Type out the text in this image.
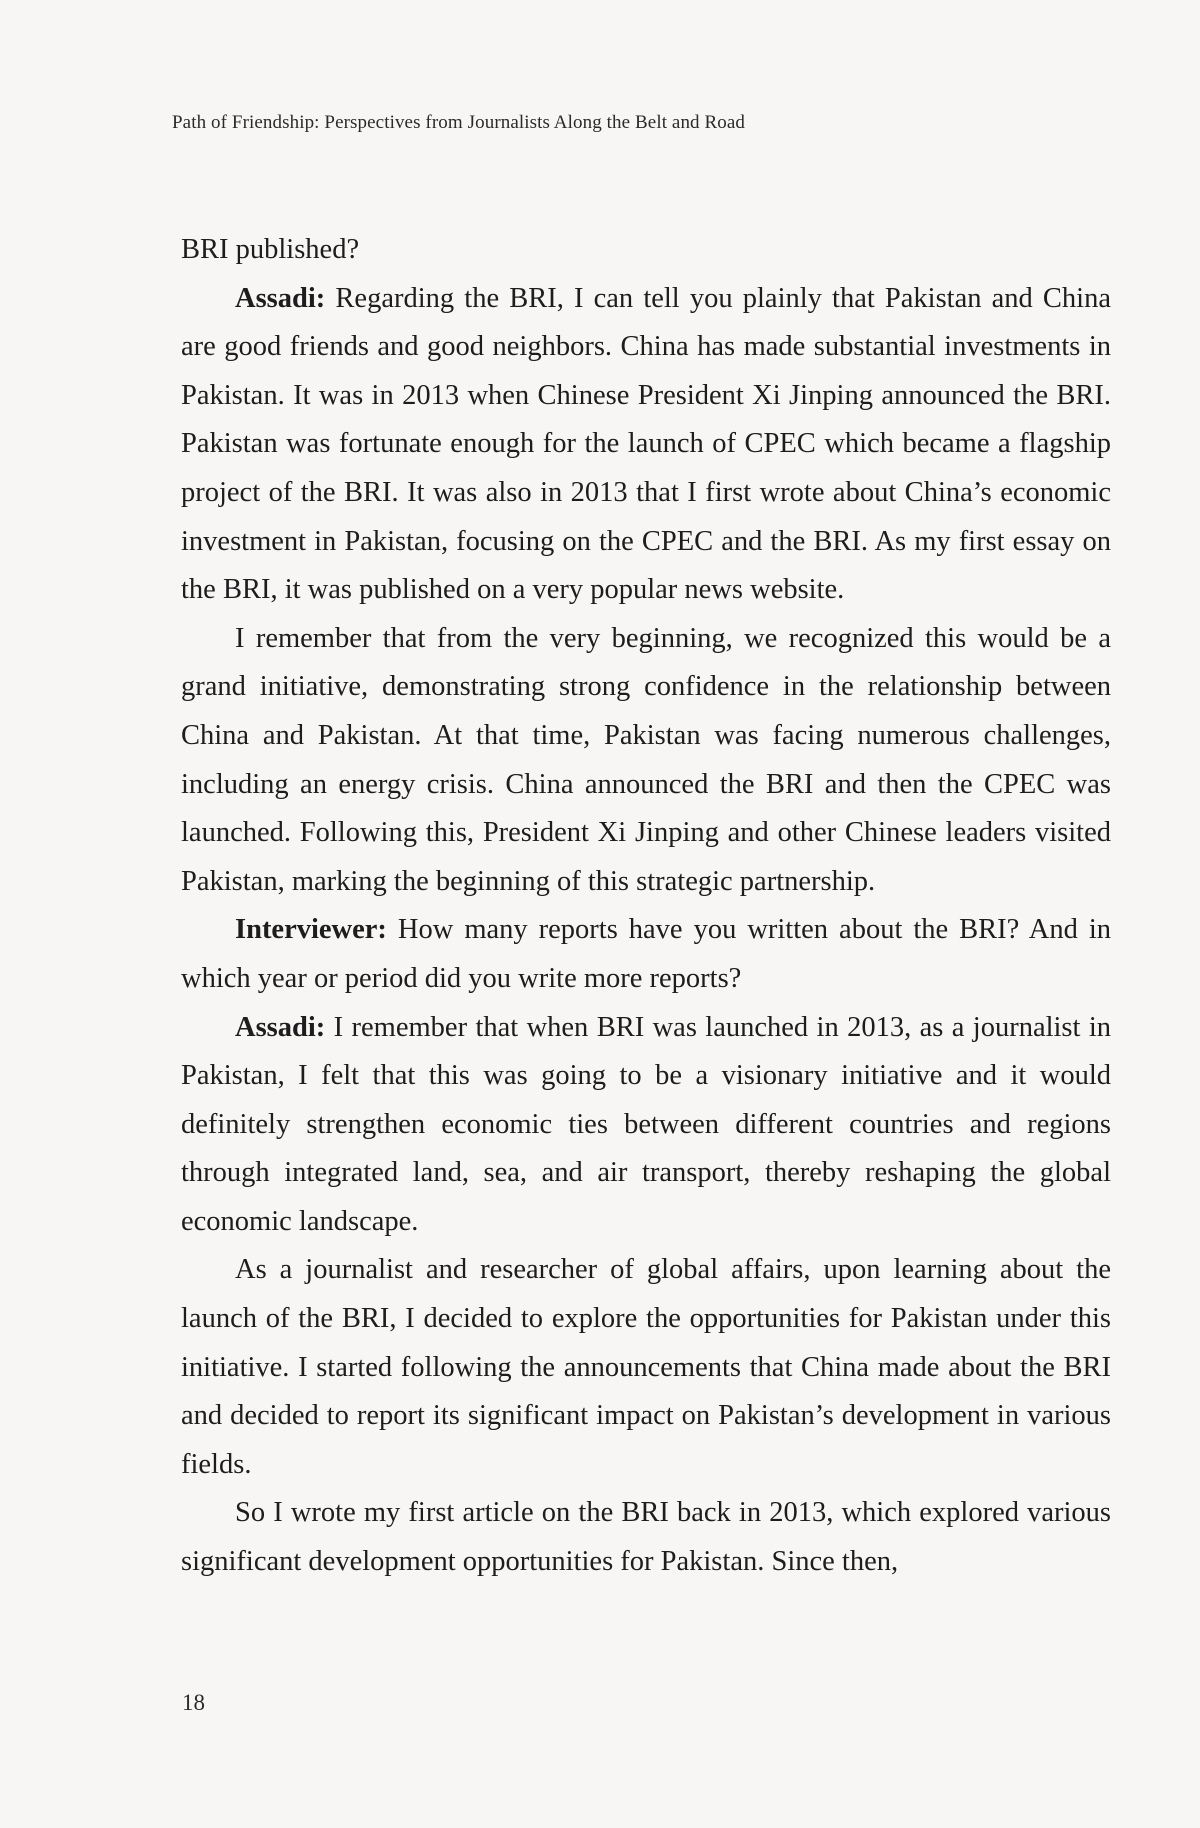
Path of Friendship: Perspectives from Journalists Along the Belt and Road

BRI published?

Assadi: Regarding the BRI, I can tell you plainly that Pakistan and China are good friends and good neighbors. China has made substantial investments in Pakistan. It was in 2013 when Chinese President Xi Jinping announced the BRI. Pakistan was fortunate enough for the launch of CPEC which became a flagship project of the BRI. It was also in 2013 that I first wrote about China’s economic investment in Pakistan, focusing on the CPEC and the BRI. As my first essay on the BRI, it was published on a very popular news website.

I remember that from the very beginning, we recognized this would be a grand initiative, demonstrating strong confidence in the relationship between China and Pakistan. At that time, Pakistan was facing numerous challenges, including an energy crisis. China announced the BRI and then the CPEC was launched. Following this, President Xi Jinping and other Chinese leaders visited Pakistan, marking the beginning of this strategic partnership.

Interviewer: How many reports have you written about the BRI? And in which year or period did you write more reports?

Assadi: I remember that when BRI was launched in 2013, as a journalist in Pakistan, I felt that this was going to be a visionary initiative and it would definitely strengthen economic ties between different countries and regions through integrated land, sea, and air transport, thereby reshaping the global economic landscape.

As a journalist and researcher of global affairs, upon learning about the launch of the BRI, I decided to explore the opportunities for Pakistan under this initiative. I started following the announcements that China made about the BRI and decided to report its significant impact on Pakistan’s development in various fields.

So I wrote my first article on the BRI back in 2013, which explored various significant development opportunities for Pakistan. Since then,

18
